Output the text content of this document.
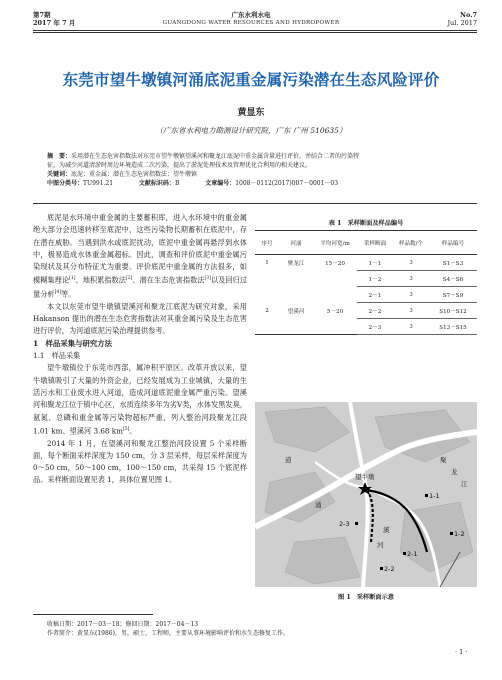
第7期
2017 年 7 月
广东水利水电
GUANGDONG WATER RESOURCES AND HYDROPOWER
No.7
Jul. 2017
东莞市望牛墩镇河涌底泥重金属污染潜在生态风险评价
黄显东
（广东省水利电力勘测设计研究院，广东 广州 510635）
摘　要：采用潜在生态危害指数法对东莞市望牛墩镇望溪河和聚龙江底泥中重金属含量进行评价，并结合二者的污染特
征，为减少河道清淤时周边环境造成二次污染，提出了淤泥处理技术及管理优化合利用的相关建议。
关键词：底泥；重金属；潜在生态危害指数法；望牛墩镇
中图分类号：TU991.21	文献标识码：B	文章编号：1008－0112(2017)007－0001－03

底泥是水环境中重金属的主要蓄积库，进入水环境中的重金属绝大部分会迅速转移至底泥中，这些污染物长期蓄积在底泥中，存在潜在威胁。当遇到洪水或底泥扰动，底泥中重金属再悬浮到水体中，极易造成水体重金属超标。因此，调查和评价底泥中重金属污染现状及其分布特征尤为重要。评价底泥中重金属的方法很多，如模糊集理论[1]、地积累指数法[2]、潜在生态危害指数法[3]以及回归过量分析[4]等。

本文以东莞市望牛墩镇望溪河和聚龙江底泥为研究对象，采用 Hakanson 提出的潜在生态危害指数法对其重金属污染及生态危害进行评价，为河道底泥污染治理提供参考。

1　样品采集与研究方法

1.1　样品采集

望牛墩镇位于东莞市西部，属冲积平原区。改革开放以来，望牛墩镇吸引了大量的外资企业，已经发展成为工业城镇，大量的生活污水和工业废水进入河道，造成河道底泥重金属严重污染。望溪河和聚龙江位于镇中心区，水质连续多年为劣Ⅴ类，水体发黑发臭，氨氮、总磷和重金属等污染物超标严重，列入整治河段聚龙江段 1.01 km、望溪河 3.68 km[5]。

2014 年 1 月，在望溪河和聚龙江整治河段设置 5 个采样断面，每个断面采样深度为 150 cm，分 3 层采样，每层采样深度为 0～50 cm，50～100 cm，100～150 cm，共采得 15 个底泥样品。采样断面设置见表 1，具体位置见图 1。

表 1　采样断面及样品编号
序号	河涌	平均河宽/m	采样断面	样品数/个	样品编号
1	聚龙江	15－20	1－1	3	S1－S3
			1－2	3	S4－S6
			2－1	3	S7－S9
2	望溪河	5－20	2－2	3	S10－S12
			2－3	3	S13－S15
望牛墩
1-1
1-2
2-1
2-2
2-3
聚
龙
江
溪
河
道
涌
图 1　采样断面示意
收稿日期：2017－03－18；修回日期：2017－04－13
作者简介：黄显东(1986)，男，硕士，工程师，主要从事环境影响评价和水生态修复工作。
· 1 ·
